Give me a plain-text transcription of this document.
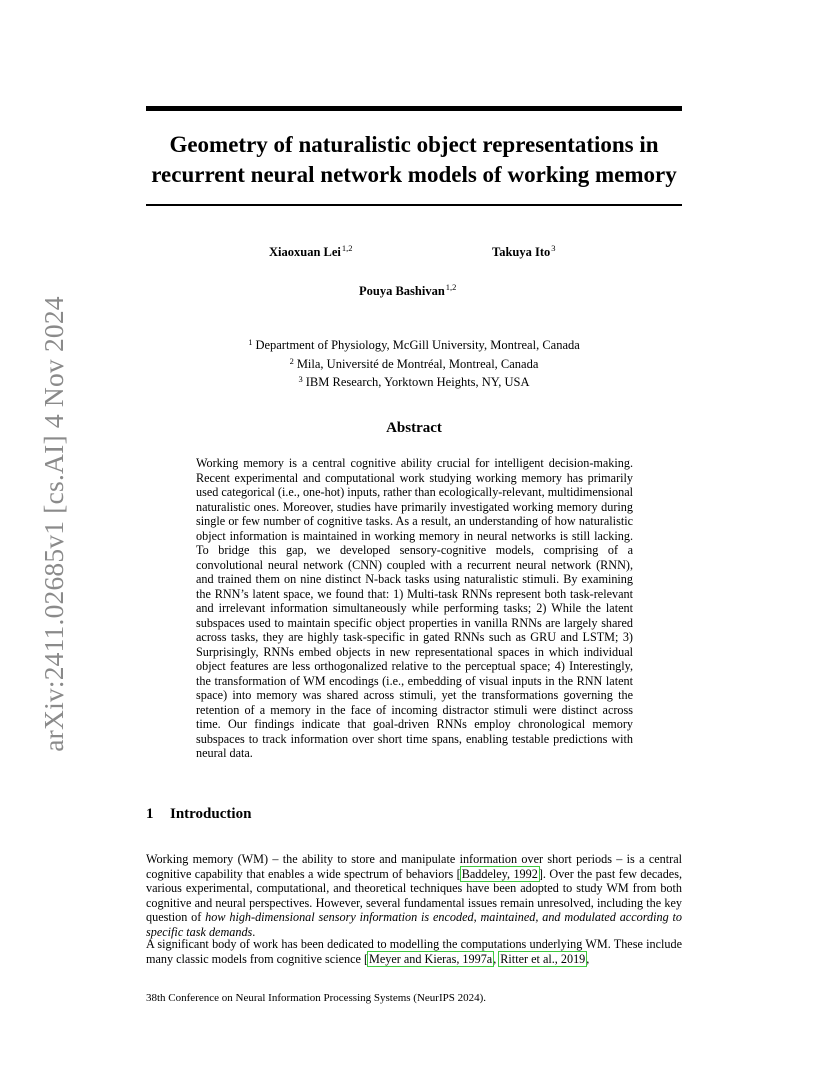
arXiv:2411.02685v1 [cs.AI] 4 Nov 2024
Geometry of naturalistic object representations in
recurrent neural network models of working memory
Xiaoxuan Lei$^{1,2}$	Takuya Ito$^3$
Pouya Bashivan$^{1,2}$
$^1$ Department of Physiology, McGill University, Montreal, Canada
$^2$ Mila, Université de Montréal, Montreal, Canada
$^3$ IBM Research, Yorktown Heights, NY, USA
Abstract
Working memory is a central cognitive ability crucial for intelligent decision-making. Recent experimental and computational work studying working memory has primarily used categorical (i.e., one-hot) inputs, rather than ecologically-relevant, multidimensional naturalistic ones. Moreover, studies have primarily investigated working memory during single or few number of cognitive tasks. As a result, an understanding of how naturalistic object information is maintained in working memory in neural networks is still lacking. To bridge this gap, we developed sensory-cognitive models, comprising of a convolutional neural network (CNN) coupled with a recurrent neural network (RNN), and trained them on nine distinct N-back tasks using naturalistic stimuli. By examining the RNN’s latent space, we found that: 1) Multi-task RNNs represent both task-relevant and irrelevant information simultaneously while performing tasks; 2) While the latent subspaces used to maintain specific object properties in vanilla RNNs are largely shared across tasks, they are highly task-specific in gated RNNs such as GRU and LSTM; 3) Surprisingly, RNNs embed objects in new representational spaces in which individual object features are less orthogonalized relative to the perceptual space; 4) Interestingly, the transformation of WM encodings (i.e., embedding of visual inputs in the RNN latent space) into memory was shared across stimuli, yet the transformations governing the retention of a memory in the face of incoming distractor stimuli were distinct across time. Our findings indicate that goal-driven RNNs employ chronological memory subspaces to track information over short time spans, enabling testable predictions with neural data.
1 Introduction
Working memory (WM) – the ability to store and manipulate information over short periods – is a central cognitive capability that enables a wide spectrum of behaviors [Baddeley, 1992]. Over the past few decades, various experimental, computational, and theoretical techniques have been adopted to study WM from both cognitive and neural perspectives. However, several fundamental issues remain unresolved, including the key question of how high-dimensional sensory information is encoded, maintained, and modulated according to specific task demands.
A significant body of work has been dedicated to modelling the computations underlying WM. These include many classic models from cognitive science [Meyer and Kieras, 1997a, Ritter et al., 2019,
38th Conference on Neural Information Processing Systems (NeurIPS 2024).
